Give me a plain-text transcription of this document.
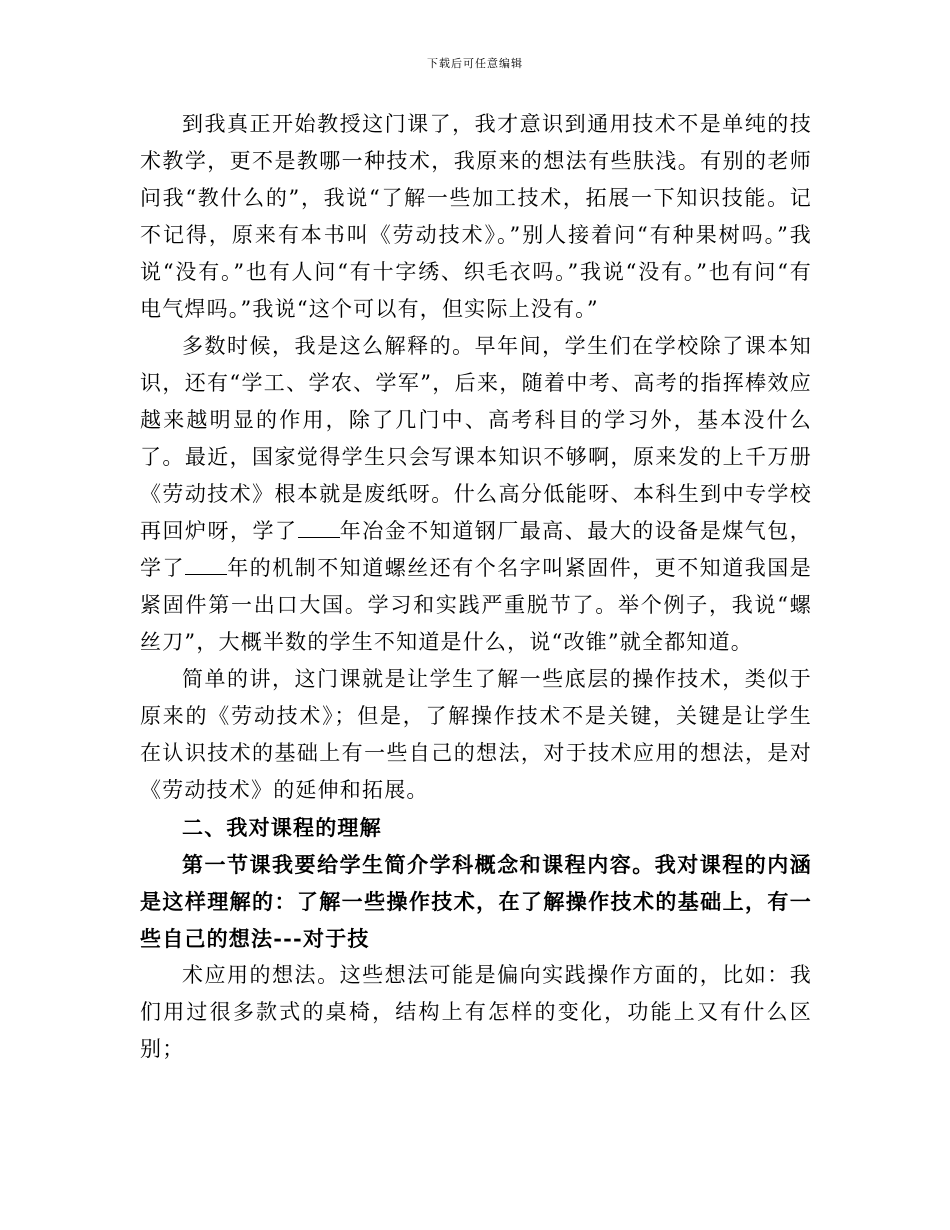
下载后可任意编辑

到我真正开始教授这门课了，我才意识到通用技术不是单纯的技术教学，更不是教哪一种技术，我原来的想法有些肤浅。有别的老师问我“教什么的”，我说“了解一些加工技术，拓展一下知识技能。记不记得，原来有本书叫《劳动技术》。”别人接着问“有种果树吗。”我说“没有。”也有人问“有十字绣、织毛衣吗。”我说“没有。”也有问“有电气焊吗。”我说“这个可以有，但实际上没有。”

多数时候，我是这么解释的。早年间，学生们在学校除了课本知识，还有“学工、学农、学军”，后来，随着中考、高考的指挥棒效应越来越明显的作用，除了几门中、高考科目的学习外，基本没什么了。最近，国家觉得学生只会写课本知识不够啊，原来发的上千万册《劳动技术》根本就是废纸呀。什么高分低能呀、本科生到中专学校再回炉呀，学了 年冶金不知道钢厂最高、最大的设备是煤气包，学了 年的机制不知道螺丝还有个名字叫紧固件，更不知道我国是紧固件第一出口大国。学习和实践严重脱节了。举个例子，我说“螺丝刀”，大概半数的学生不知道是什么，说“改锥”就全都知道。

简单的讲，这门课就是让学生了解一些底层的操作技术，类似于原来的《劳动技术》；但是，了解操作技术不是关键，关键是让学生在认识技术的基础上有一些自己的想法，对于技术应用的想法，是对《劳动技术》的延伸和拓展。

二、我对课程的理解

第一节课我要给学生简介学科概念和课程内容。我对课程的内涵是这样理解的：了解一些操作技术，在了解操作技术的基础上，有一些自己的想法---对于技

术应用的想法。这些想法可能是偏向实践操作方面的，比如：我们用过很多款式的桌椅，结构上有怎样的变化，功能上又有什么区别；
